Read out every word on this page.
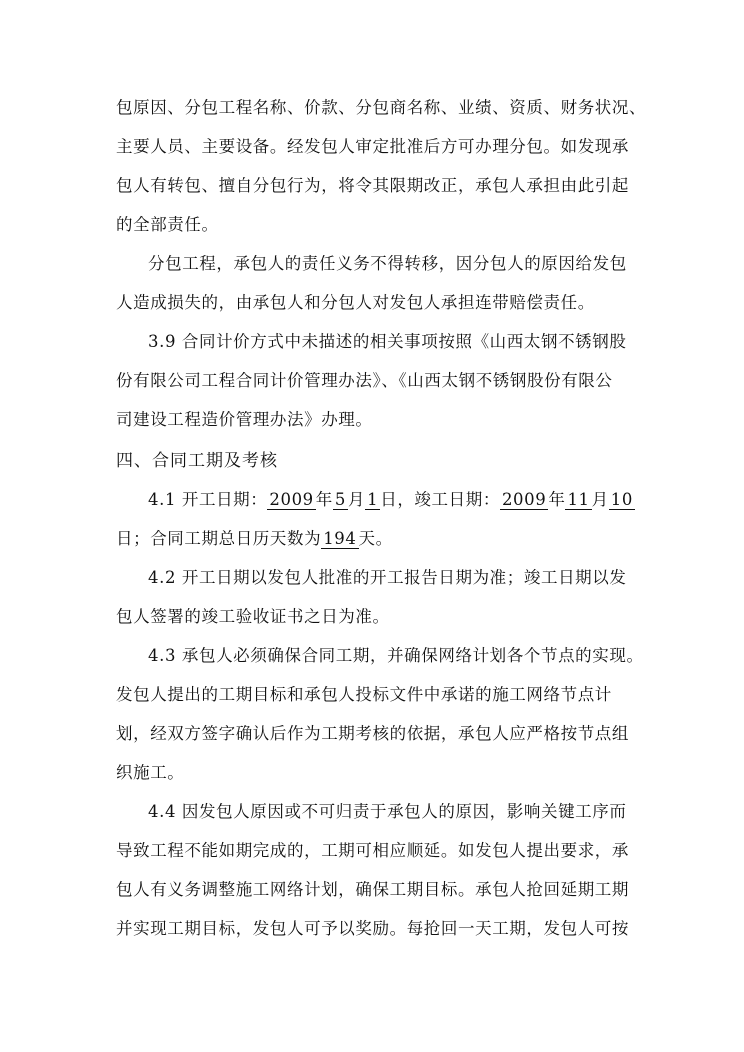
包原因、分包工程名称、价款、分包商名称、业绩、资质、财务状况、
主要人员、主要设备。经发包人审定批准后方可办理分包。如发现承
包人有转包、擅自分包行为，将令其限期改正，承包人承担由此引起
的全部责任。
分包工程，承包人的责任义务不得转移，因分包人的原因给发包
人造成损失的，由承包人和分包人对发包人承担连带赔偿责任。
3.9 合同计价方式中未描述的相关事项按照《山西太钢不锈钢股
份有限公司工程合同计价管理办法》、《山西太钢不锈钢股份有限公
司建设工程造价管理办法》办理。
四、合同工期及考核
4.1 开工日期： 2009 年 5 月 1 日，竣工日期： 2009 年 11 月 10
日；合同工期总日历天数为 194 天。
4.2 开工日期以发包人批准的开工报告日期为准；竣工日期以发
包人签署的竣工验收证书之日为准。
4.3 承包人必须确保合同工期，并确保网络计划各个节点的实现。
发包人提出的工期目标和承包人投标文件中承诺的施工网络节点计
划，经双方签字确认后作为工期考核的依据，承包人应严格按节点组
织施工。
4.4 因发包人原因或不可归责于承包人的原因，影响关键工序而
导致工程不能如期完成的，工期可相应顺延。如发包人提出要求，承
包人有义务调整施工网络计划，确保工期目标。承包人抢回延期工期
并实现工期目标，发包人可予以奖励。每抢回一天工期，发包人可按
